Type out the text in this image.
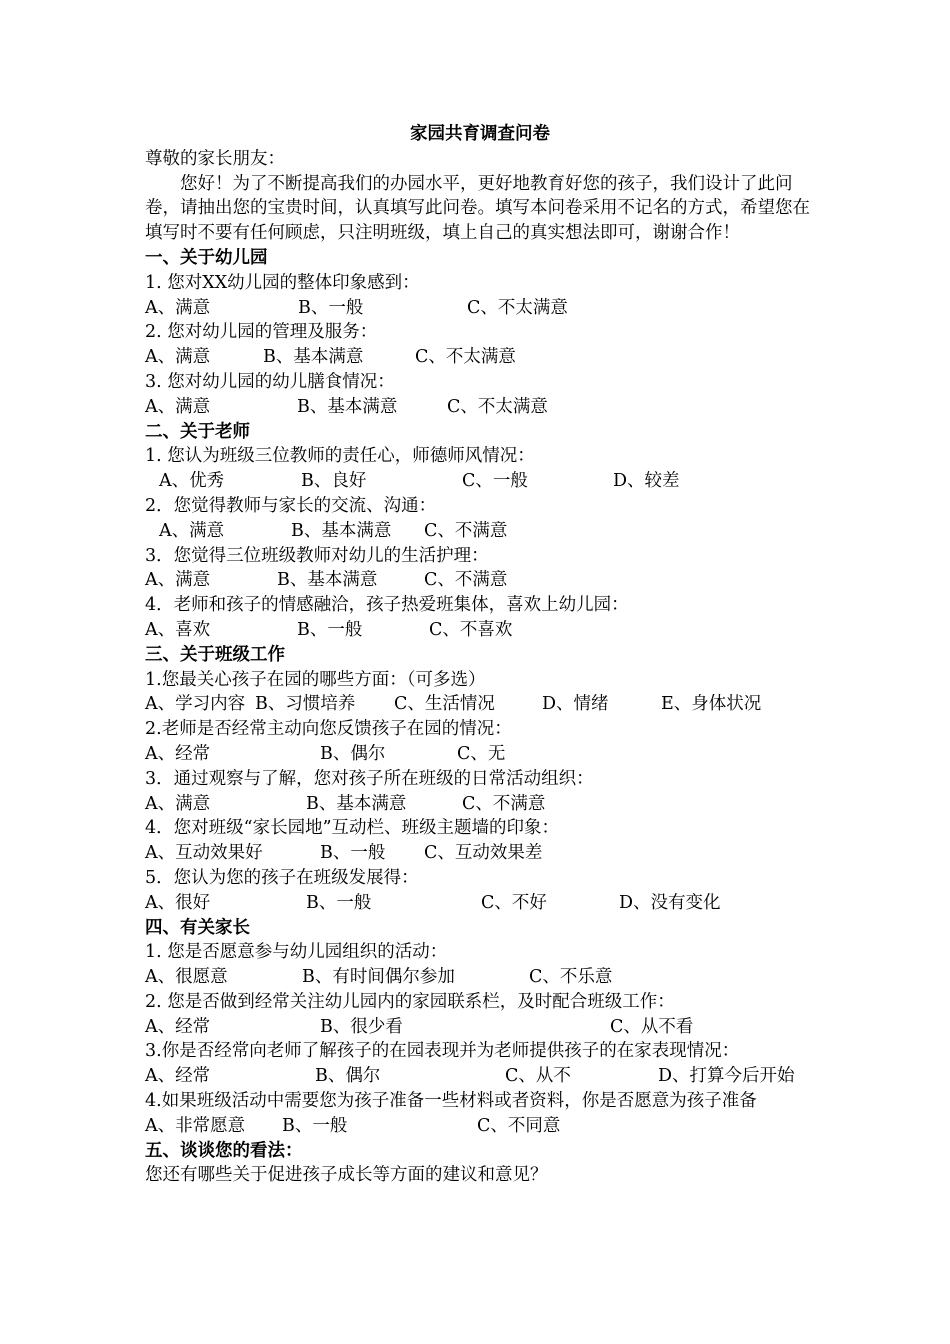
家园共育调查问卷
尊敬的家长朋友：
您好！为了不断提高我们的办园水平，更好地教育好您的孩子，我们设计了此问卷，请抽出您的宝贵时间，认真填写此问卷。填写本问卷采用不记名的方式，希望您在填写时不要有任何顾虑，只注明班级，填上自己的真实想法即可，谢谢合作！
一、关于幼儿园
1. 您对XX幼儿园的整体印象感到：
A、满意	B、一般	C、不太满意
2. 您对幼儿园的管理及服务：
A、满意	B、基本满意	C、不太满意
3. 您对幼儿园的幼儿膳食情况：
A、满意	B、基本满意	C、不太满意
二、关于老师
1. 您认为班级三位教师的责任心，师德师风情况：
A、优秀	B、良好	C、一般	D、较差
2．您觉得教师与家长的交流、沟通：
A、满意	B、基本满意 C、不满意
3．您觉得三位班级教师对幼儿的生活护理：
A、满意	B、基本满意	C、不满意
4．老师和孩子的情感融洽，孩子热爱班集体，喜欢上幼儿园：
A、喜欢	B、一般	C、不喜欢
三、关于班级工作
1.您最关心孩子在园的哪些方面：（可多选）
A、学习内容 B、习惯培养 C、生活情况	D、情绪	E、身体状况
2.老师是否经常主动向您反馈孩子在园的情况：
A、经常	B、偶尔	C、无
3．通过观察与了解，您对孩子所在班级的日常活动组织：
A、满意	B、基本满意	C、不满意
4．您对班级“家长园地”互动栏、班级主题墙的印象：
A、互动效果好	B、一般 C、互动效果差
5．您认为您的孩子在班级发展得：
A、很好	B、一般	C、不好	D、没有变化
四、有关家长
1. 您是否愿意参与幼儿园组织的活动：
A、很愿意	B、有时间偶尔参加	C、不乐意
2. 您是否做到经常关注幼儿园内的家园联系栏，及时配合班级工作：
A、经常	B、很少看	C、从不看
3.你是否经常向老师了解孩子的在园表现并为老师提供孩子的在家表现情况：
A、经常	B、偶尔	C、从不	D、打算今后开始
4.如果班级活动中需要您为孩子准备一些材料或者资料，你是否愿意为孩子准备
A、非常愿意 B、一般	C、不同意
五、谈谈您的看法：
您还有哪些关于促进孩子成长等方面的建议和意见？
